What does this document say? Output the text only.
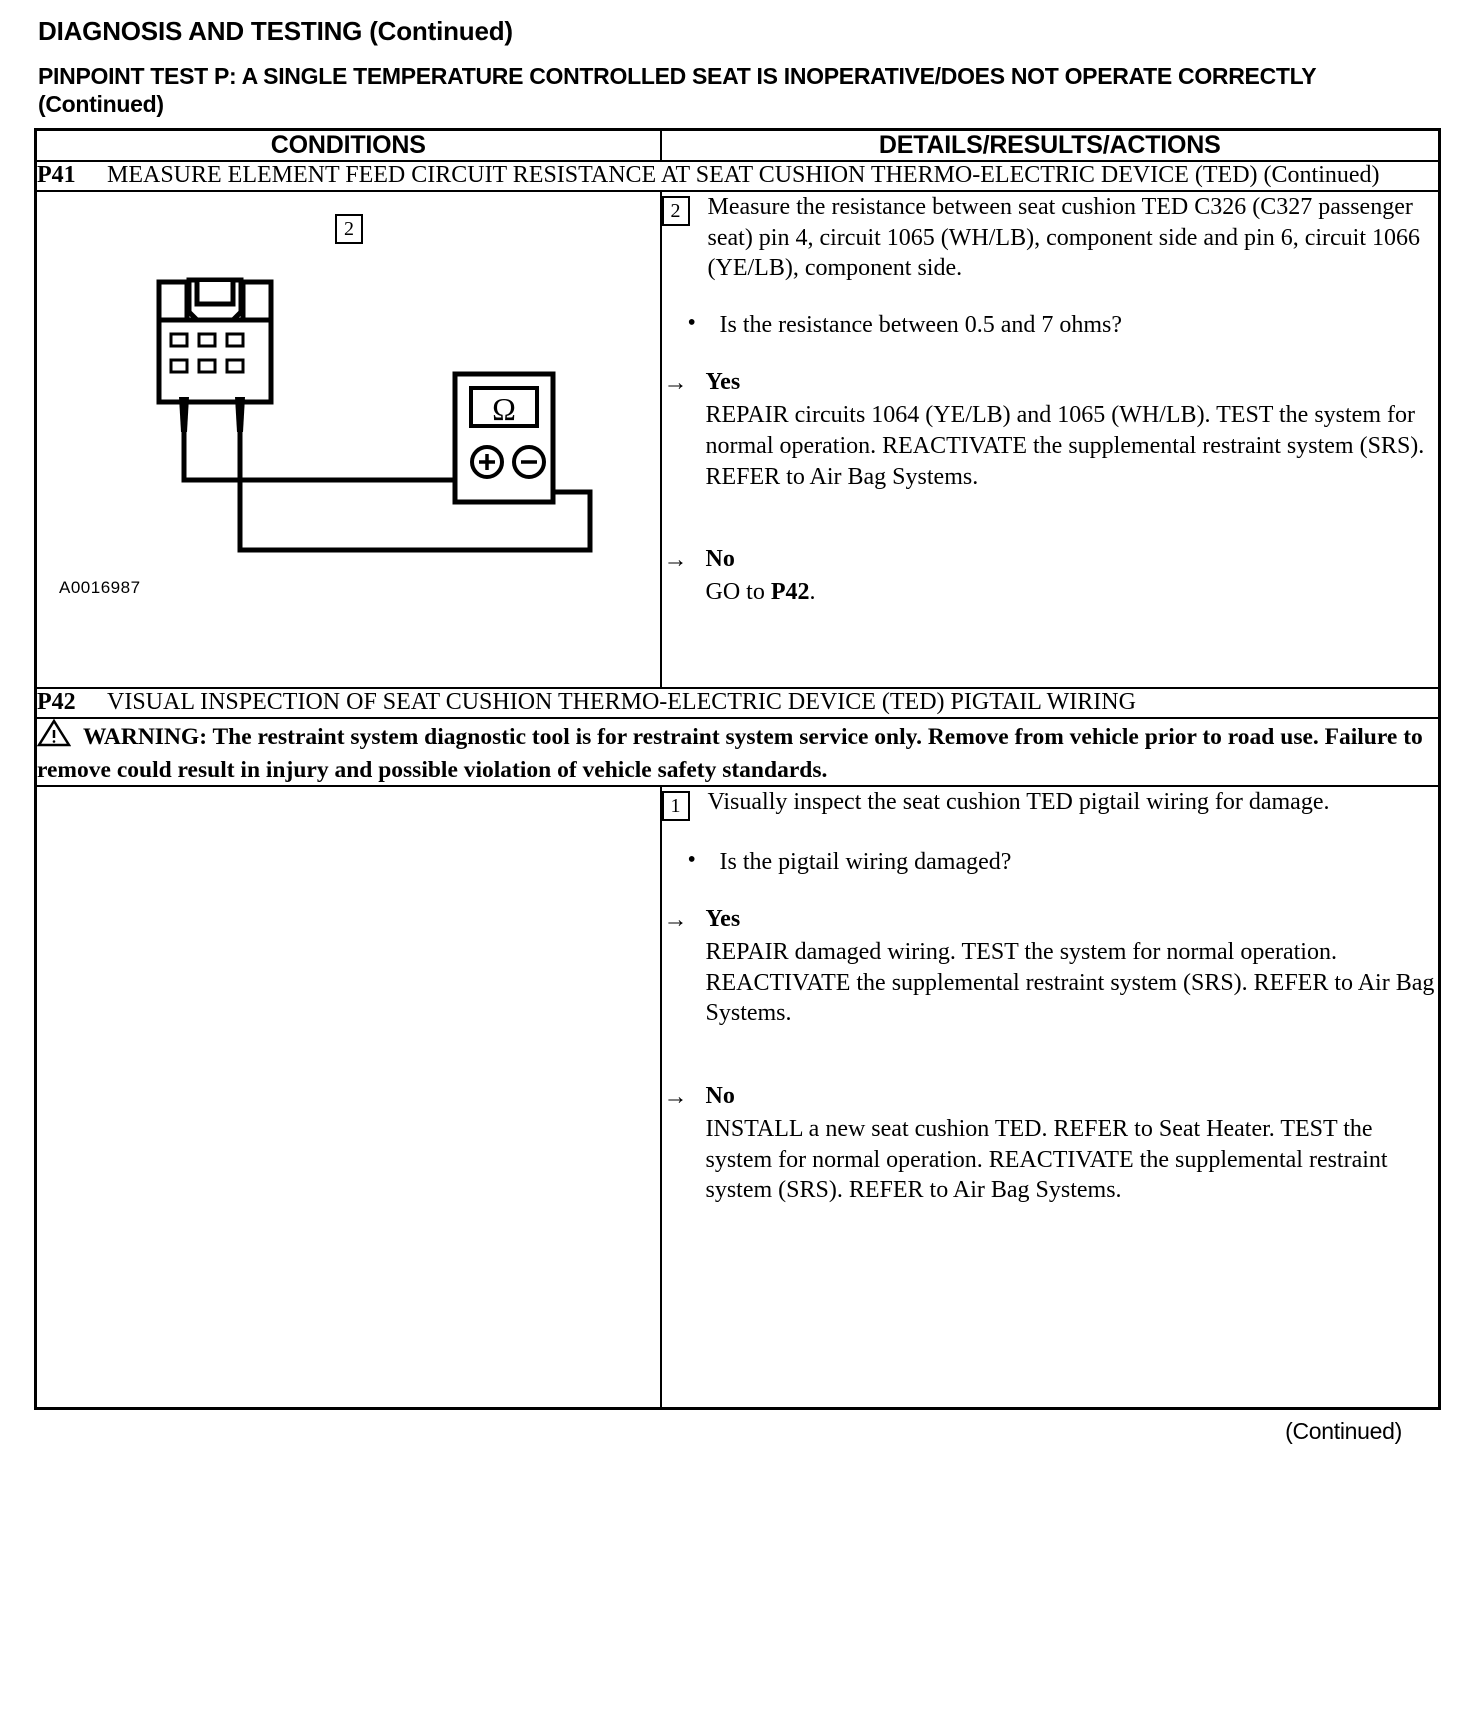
DIAGNOSIS AND TESTING (Continued)
PINPOINT TEST P: A SINGLE TEMPERATURE CONTROLLED SEAT IS INOPERATIVE/DOES NOT OPERATE CORRECTLY (Continued)
CONDITIONS	DETAILS/RESULTS/ACTIONS
P41 MEASURE ELEMENT FEED CIRCUIT RESISTANCE AT SEAT CUSHION THERMO-ELECTRIC DEVICE (TED) (Continued)	

2
Ω
A0016987

2	Measure the resistance between seat cushion TED C326 (C327 passenger seat) pin 4, circuit 1065 (WH/LB), component side and pin 6, circuit 1066 (YE/LB), component side.
• Is the resistance between 0.5 and 7 ohms?
→ Yes
REPAIR circuits 1064 (YE/LB) and 1065 (WH/LB). TEST the system for normal operation. REACTIVATE the supplemental restraint system (SRS). REFER to Air Bag Systems.
→ No
GO to P42.

P42 VISUAL INSPECTION OF SEAT CUSHION THERMO-ELECTRIC DEVICE (TED) PIGTAIL WIRING	
WARNING: The restraint system diagnostic tool is for restraint system service only. Remove from vehicle prior to road use. Failure to remove could result in injury and possible violation of vehicle safety standards.	

1	Visually inspect the seat cushion TED pigtail wiring for damage.
• Is the pigtail wiring damaged?
→ Yes
REPAIR damaged wiring. TEST the system for normal operation. REACTIVATE the supplemental restraint system (SRS). REFER to Air Bag Systems.
→ No
INSTALL a new seat cushion TED. REFER to Seat Heater. TEST the system for normal operation. REACTIVATE the supplemental restraint system (SRS). REFER to Air Bag Systems.
(Continued)
